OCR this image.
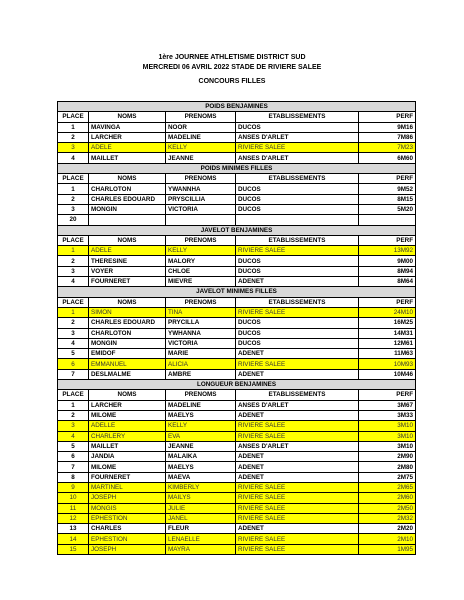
1ère JOURNEE ATHLETISME DISTRICT SUD
MERCREDI 06 AVRIL 2022 STADE DE RIVIERE SALEE
CONCOURS FILLES
POIDS BENJAMINES				
PLACE	NOMS	PRENOMS	ETABLISSEMENTS	PERF
1	MAVINGA	NOOR	DUCOS	9M16
2	LARCHER	MADELINE	ANSES D'ARLET	7M86
3	ADELE	KELLY	RIVIERE SALEE	7M23
4	MAILLET	JEANNE	ANSES D'ARLET	6M60
POIDS MINIMES FILLES				
PLACE	NOMS	PRENOMS	ETABLISSEMENTS	PERF
1	CHARLOTON	YWANNHA	DUCOS	9M52
2	CHARLES EDOUARD	PRYSCILLIA	DUCOS	8M15
3	MONGIN	VICTORIA	DUCOS	5M20
20				
JAVELOT BENJAMINES				
PLACE	NOMS	PRENOMS	ETABLISSEMENTS	PERF
1	ADELE	KELLY	RIVIERE SALEE	13M92
2	THERESINE	MALORY	DUCOS	9M00
3	VOYER	CHLOE	DUCOS	8M94
4	FOURNERET	MIEVRE	ADENET	8M64
JAVELOT MINIMES FILLES				
PLACE	NOMS	PRENOMS	ETABLISSEMENTS	PERF
1	SIMON	TINA	RIVIERE SALEE	24M10
2	CHARLES EDOUARD	PRYCILLA	DUCOS	16M25
3	CHARLOTON	YWHANNA	DUCOS	14M31
4	MONGIN	VICTORIA	DUCOS	12M61
5	EMIDOF	MARIE	ADENET	11M63
6	EMMANUEL	ALICIA	RIVIERE SALEE	10M93
7	DESLMALME	AMBRE	ADENET	10M46
LONGUEUR BENJAMINES				
PLACE	NOMS	PRENOMS	ETABLISSEMENTS	PERF
1	LARCHER	MADELINE	ANSES D'ARLET	3M67
2	MILOME	MAELYS	ADENET	3M33
3	ADELLE	KELLY	RIVIERE SALEE	3M10
4	CHARLERY	EVA	RIVIERE SALEE	3M10
5	MAILLET	JEANNE	ANSES D'ARLET	3M10
6	JANDIA	MALAIKA	ADENET	2M90
7	MILOME	MAELYS	ADENET	2M80
8	FOURNERET	MAEVA	ADENET	2M75
9	MARTINEL	KIMBERLY	RIVIERE SALEE	2M65
10	JOSEPH	MAILYS	RIVIERE SALEE	2M60
11	MONGIS	JULIE	RIVIERE SALEE	2M50
12	EPHESTION	JANEL	RIVIERE SALEE	2M32
13	CHARLES	FLEUR	ADENET	2M20
14	EPHESTION	LENAELLE	RIVIERE SALEE	2M10
15	JOSEPH	MAYRA	RIVIERE SALEE	1M95
